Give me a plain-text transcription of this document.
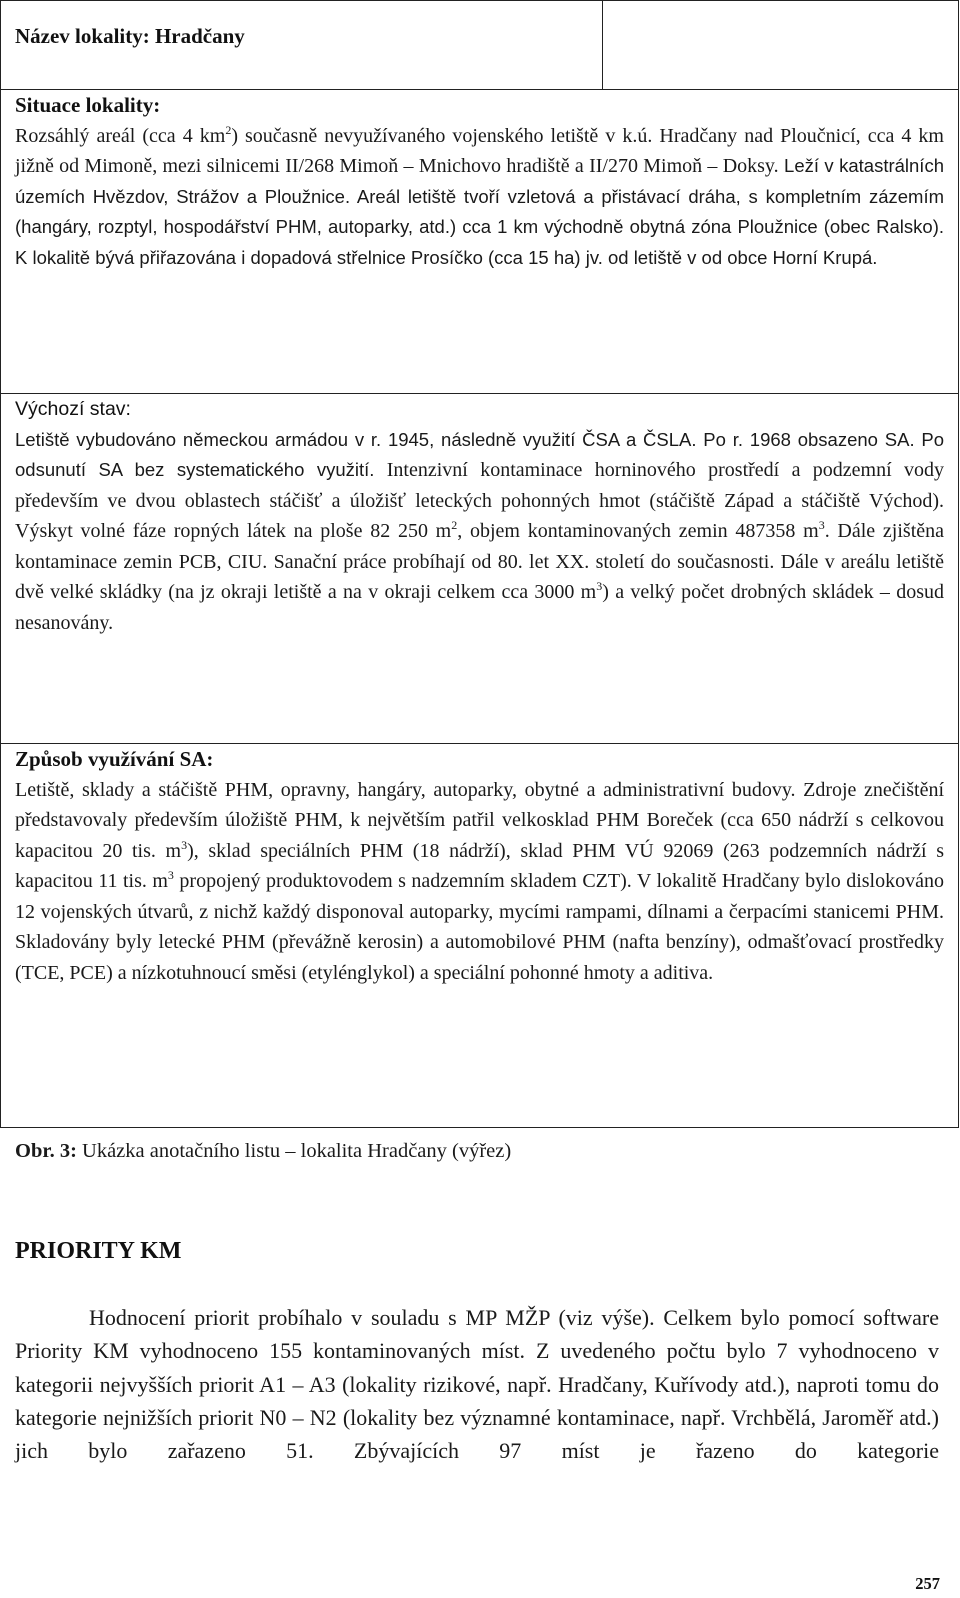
Název lokality: Hradčany	

Situace lokality:
Rozsáhlý areál (cca 4 $km^2$) současně nevyužívaného vojenského letiště v k.ú. Hradčany nad Ploučnicí, cca 4 km jižně od Mimoně, mezi silnicemi II/268 Mimoň – Mnichovo hradiště a II/270 Mimoň – Doksy. Leží v katastrálních územích Hvězdov, Strážov a Ploužnice. Areál letiště tvoří vzletová a přistávací dráha, s kompletním zázemím (hangáry, rozptyl, hospodářství PHM, autoparky, atd.) cca 1 km východně obytná zóna Ploužnice (obec Ralsko). K lokalitě bývá přiřazována i dopadová střelnice Prosíčko (cca 15 ha) jv. od letiště v od obce Horní Krupá.

Výchozí stav:
Letiště vybudováno německou armádou v r. 1945, následně využití ČSA a ČSLA. Po r. 1968 obsazeno SA. Po odsunutí SA bez systematického využití. Intenzivní kontaminace horninového prostředí a podzemní vody především ve dvou oblastech stáčišť a úložišť leteckých pohonných hmot (stáčiště Západ a stáčiště Východ). Výskyt volné fáze ropných látek na ploše 82 250 $m^2$, objem kontaminovaných zemin 487358 $m^3$. Dále zjištěna kontaminace zemin PCB, CIU. Sanační práce probíhají od 80. let XX. století do současnosti. Dále v areálu letiště dvě velké skládky (na jz okraji letiště a na v okraji celkem cca 3000 $m^3$) a velký počet drobných skládek – dosud nesanovány.

Způsob využívání SA:
Letiště, sklady a stáčiště PHM, opravny, hangáry, autoparky, obytné a administrativní budovy. Zdroje znečištění představovaly především úložiště PHM, k největším patřil velkosklad PHM Boreček (cca 650 nádrží s celkovou kapacitou 20 tis. $m^3$), sklad speciálních PHM (18 nádrží), sklad PHM VÚ 92069 (263 podzemních nádrží s kapacitou 11 tis. $m^3$ propojený produktovodem s nadzemním skladem CZT). V lokalitě Hradčany bylo dislokováno 12 vojenských útvarů, z nichž každý disponoval autoparky, mycími rampami, dílnami a čerpacími stanicemi PHM. Skladovány byly letecké PHM (převážně kerosin) a automobilové PHM (nafta benzíny), odmašťovací prostředky (TCE, PCE) a nízkotuhnoucí směsi (etylénglykol) a speciální pohonné hmoty a aditiva.
Obr. 3: Ukázka anotačního listu – lokalita Hradčany (výřez)
PRIORITY KM
Hodnocení priorit probíhalo v souladu s MP MŽP (viz výše). Celkem bylo pomocí software Priority KM vyhodnoceno 155 kontaminovaných míst. Z uvedeného počtu bylo 7 vyhodnoceno v kategorii nejvyšších priorit A1 – A3 (lokality rizikové, např. Hradčany, Kuřívody atd.), naproti tomu do kategorie nejnižších priorit N0 – N2 (lokality bez významné kontaminace, např. Vrchbělá, Jaroměř atd.) jich bylo zařazeno 51. Zbývajících 97 míst je řazeno do kategorie
257
